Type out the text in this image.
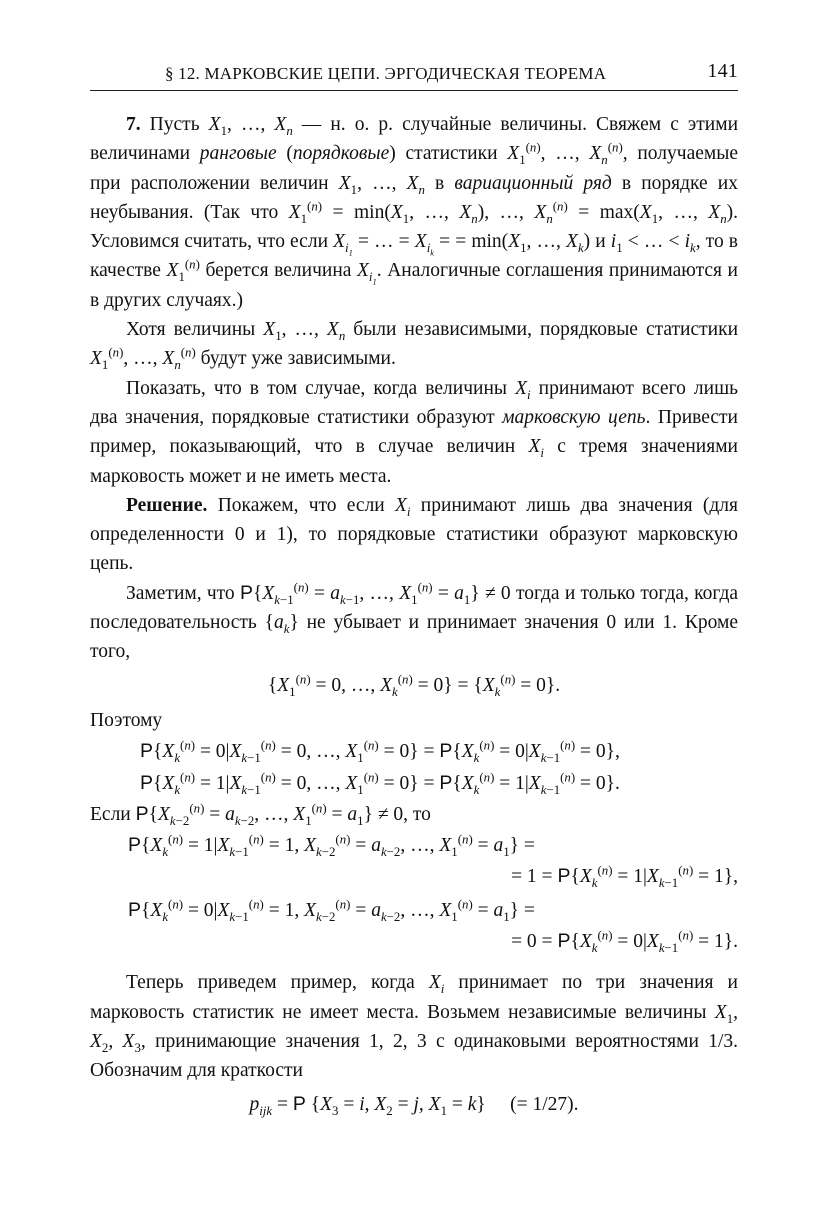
§ 12. МАРКОВСКИЕ ЦЕПИ. ЭРГОДИЧЕСКАЯ ТЕОРЕМА	141

7. Пусть $X_1$, …, $X_n$ — н. о. р. случайные величины. Свяжем с этими величинами ранговые (порядковые) статистики $X_1^{(n)}$, …, $X_n^{(n)}$, получаемые при расположении величин $X_1$, …, $X_n$ в вариационный ряд в порядке их неубывания. (Так что $X_1^{(n)} = \min(X_1$, …, $X_n$), …, $X_n^{(n)} = \max(X_1$, …, $X_n$). Условимся считать, что если $X_{i_1}$ = … = $X_{i_k}$ = = $\min(X_1$, …, $X_k$) и $i_1$ < … < $i_k$, то в качестве $X_1^{(n)}$ берется величина $X_{i_1}$. Аналогичные соглашения принимаются и в других случаях.)

Хотя величины $X_1$, …, $X_n$ были независимыми, порядковые статистики $X_1^{(n)}$, …, $X_n^{(n)}$ будут уже зависимыми.

Показать, что в том случае, когда величины $X_i$ принимают всего лишь два значения, порядковые статистики образуют марковскую цепь. Привести пример, показывающий, что в случае величин $X_i$ с тремя значениями марковость может и не иметь места.

Решение. Покажем, что если $X_i$ принимают лишь два значения (для определенности 0 и 1), то порядковые статистики образуют марковскую цепь.

Заметим, что $P\{X_{k-1}^{(n)} = a_{k-1}$, …, $X_1^{(n)} = a_1\} \ne 0$ тогда и только тогда, когда последовательность $\{a_k\}$ не убывает и принимает значения 0 или 1. Кроме того,

{$X_1^{(n)} = 0$, …, $X_k^{(n)} = 0\} = \{X_k^{(n)} = 0\}$.

Поэтому

$P\{X_k^{(n)} = 0|X_{k-1}^{(n)} = 0$, …, $X_1^{(n)} = 0\} = P\{X_k^{(n)} = 0|X_{k-1}^{(n)} = 0\}$,

$P\{X_k^{(n)} = 1|X_{k-1}^{(n)} = 0$, …, $X_1^{(n)} = 0\} = P\{X_k^{(n)} = 1|X_{k-1}^{(n)} = 0\}$.

Если $P\{X_{k-2}^{(n)} = a_{k-2}$, …, $X_1^{(n)} = a_1\} \ne 0$, то

$P\{X_k^{(n)} = 1|X_{k-1}^{(n)} = 1$, $X_{k-2}^{(n)} = a_{k-2}$, …, $X_1^{(n)} = a_1$} =

= $1 = P\{X_k^{(n)} = 1|X_{k-1}^{(n)} = 1\}$,

$P\{X_k^{(n)} = 0|X_{k-1}^{(n)} = 1$, $X_{k-2}^{(n)} = a_{k-2}$, …, $X_1^{(n)} = a_1$} =

= $0 = P\{X_k^{(n)} = 0|X_{k-1}^{(n)} = 1\}$.

Теперь приведем пример, когда $X_i$ принимает по три значения и марковость статистик не имеет места. Возьмем независимые величины $X_1$, $X_2$, $X_3$, принимающие значения 1, 2, 3 с одинаковыми вероятностями 1/3. Обозначим для краткости

$p_{ijk} = P$ {$X_3 = i$, $X_2 = j$, $X_1 = k$}     (= 1/27).
